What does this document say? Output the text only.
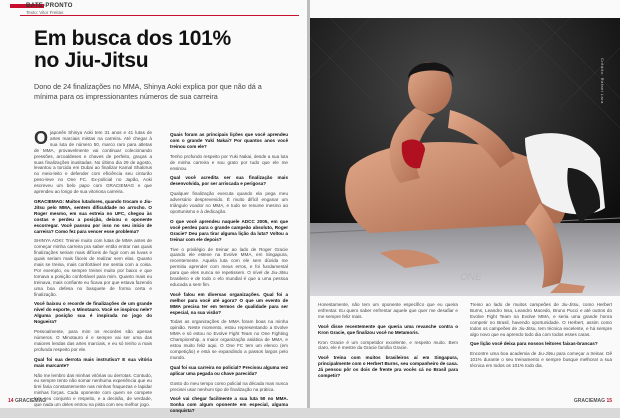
BATE-PRONTO
Texto: Vitor Freitas
Em busca dos 101%
no Jiu-Jitsu
Dono de 24 finalizações no MMA, Shinya Aoki explica por que não dá a mínima para os impressionantes números de sua carreira

Ojaponês Shinya Aoki tem 31 anos e 41 lutas de artes marciais mistas na carreira. Até chegar à sua luta de número 50, marco raro para atletas de MMA, provavelmente vai continuar colecionando pressões, arcoaldeses e chaves de perfeito, graças a suas finalizações inusitadas. No último dia 29 de agosto, levantou a torcida em Dubai ao finalizar Kamal Shalorus no meio-leito e defender com eficiência seu cinturão peso-leve no One FC. Ex-policial no Japão, Aoki escreveu um belo papo com GRACIEMAG e que aprendeu ao longo de sua vitoriosa carreira.

GRACIEMAG: Muitos lutadores, quando trocam o Jiu-Jitsu pelo MMA, sentem dificuldade no arrocho. O Roger mesmo, em sua estreia no UFC, chegou às costas e perdeu a posição, deixou o oponente escorregar. Você passou por isso no seu início de carreira? Como fez para vencer esse problema?

SHINYA AOKI: Treinei muito com lutas de MMA antes de começar minha carreira pra saber então entrar nas quais finalizações seriam mais difíceis de fugir com as luvas e quais seriam mais fáceis de realizar sem elas. Quanto mais se treina, mais confortável me sentia com a coisa. Por exemplo, eu sempre treinei muito por baixo e que tomava a posição confortável para mim. Quanto mais eu treinava, mais confiante eu ficava por que estava fazendo uma boa defesa no basquete de forma certa e finalização.

Você baixou o recorde de finalizações de um grande nível do esporte, o Minotauro. Você se inspirou nele? Alguma posição sua é inspirada no jogo do Nogueira?

Pessoalmente, para mim os recordes são apenas números. O Minotauro é e sempre vai ser uma das maiores lendas das artes marciais, e eu só tenho a mais profunda respeito por ele.

Qual foi sua derrota mais instrutiva? E sua vitória mais marcante?

Não me lembro das minhas vitórias ou derrotas. Contudo, eu sempre tento não somar nenhuma experiência que eu tirei faria constantemente nas minhas fraquezas e lapidar minhas forças. Cada oponente com quem se compete tem seu conjunto e respeito, e a decisão, de verdade, que nada um deles entrou na pista com seu melhor jogo.

Quais foram as principais lições que você aprendeu com o grande Yuki Nakai? Por quantos anos você treinou com ele?

Tenho profundo respeito por Yuki Nakai, desde a sua luta de minha carreira e sou grato por tudo que ele me ensinou.

Qual você acredita ser sua finalização mais desenvolvida, por ser arriscada e perigosa?

Qualquer finalização executa quando ela pega meu adversário desprevenido. É muito difícil enganar um triângulo voador no MMA, e tudo se resume mesmo ao oportunismo e à dedicação.

O que você aprendeu naquele ADCC 2005, em que você perdeu para o grande campeão absoluto, Roger Gracie? Deu para tirar alguma lição da luta? Voltou a treinar com ele depois?

Tive o privilégio de treinar ao lado de Roger Gracie quando ele esteve na Evolve MMA, em Singapura, recentemente. Aquela luta com ele sem dúvida me permitiu aprender com meus erros, e foi fundamental para que eles nunca se repetissem. O nível de Jiu-Jitsu brasileiro e de todo o elo mundial é que a uma pessoa educada a sem fim.

Você falou em diversas organizações. Qual foi a melhor para você até agora? O que um evento de MMA precisa ter em termos de qualidade para ser especial, na sua visão?

Todas as organizações de MMA foram boas na minha opinião. Neste momento, estou representando a Evolve MMA e só estou no Evolve Fight Team no One Fighting Championship, a maior organização asiática de MMA, e estou muito feliz aqui. O One FC tem um elenco (em competição) e está se expandindo a passos largos pelo mundo.

Qual foi sua carreira no policial? Precisou alguma vez aplicar uma pegada ou chave parecida?

Gosto do meu tempo como policial na década mas nunca precisei usar nenhum tipo de finalização na prática.

Você vai chegar facilmente a sua luta 50 no MMA. Sonha com algum oponente em especial, alguma conquista?

14 GRACIEMAG
ONE
Crédito: Rafael Lara

Honestamente, não tem um oponente específico que eu queira enfrentar. Eu quero saber enfrentar aquele que quer me desafiar e me sempre feliz mais.

Você disse recentemente que queria uma revanche contra o Kron Gracie, que finalizou você no Metamoris.

Kron Gracie é um competidor excelente, e respeito muito. Bem claro, ele é mestre da Gracie família Gracie.

Você treina com muitos brasileiros aí em Singapura, principalmente com o Herbert Burns, seu companheiro de casa. Já pensou pôr os dois de frente pra vocês cá no Brasil para competir?

Treino ao lado de muitos campeões de Jiu-Jitsu, como Herbert Burns, Leandro Issa, Leandro Macedo, Bruno Pucci e até outros do Evolve Fight Team na Evolve MMA, e seria uma grande honra competir no Brasil, havendo oportunidade. O Herbert, assim como todos os campeões de Jiu-Jitsu, tem técnica excelente, e há sempre algo novo que eu aprendo todo dia com todos esses caras.

Que lição você deixa para nossos leitores faixas-brancas?

Encontre uma boa academia de Jiu-Jitsu para começar a treinar. Dê 101% durante o seu treinamento e sempre busque melhorar a sua técnica em todos os 101% todo dia.

GRACIEMAG 15
